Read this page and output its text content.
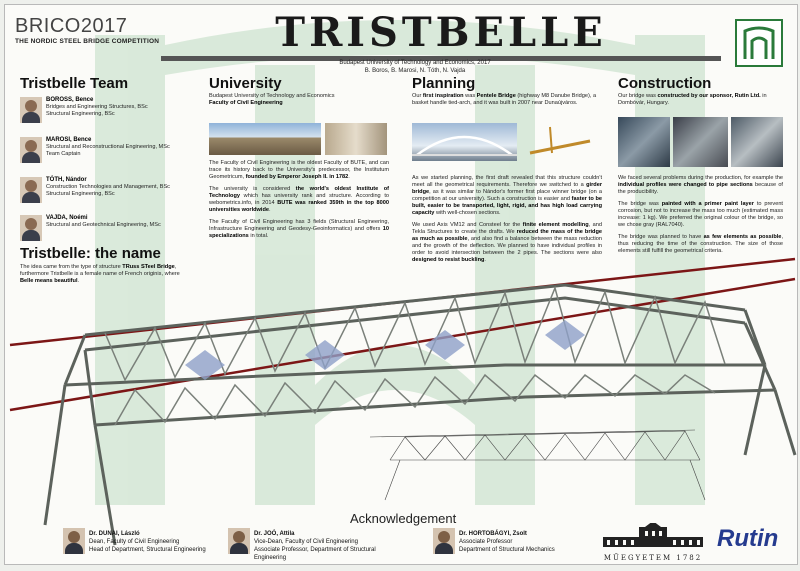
BRICO2017
THE NORDIC STEEL BRIDGE COMPETITION	TRISTBELLE
Budapest University of Technology and Economics, 2017
B. Boros, B. Marosi, N. Tóth, N. Vajda
Tristbelle Team
BOROSS, Bence
Bridges and Engineering Structures, BSc
Structural Engineering, BSc
MAROSI, Bence
Structural and Reconstructional Engineering, MSc
Team Captain
TÓTH, Nándor
Construction Technologies and Management, BSc
Structural Engineering, BSc
VAJDA, Noémi
Structural and Geotechnical Engineering, MSc
Tristbelle: the name
The idea came from the type of structure TRuss STeel Bridge, furthermore Tristbelle is a female name of French originis, where Belle means beautiful.
University
Budapest University of Technology and Economics
Faculty of Civil Engineering
The Faculty of Civil Engineering is the oldest Faculty of BUTE, and can trace its history back to the University's predecessor, the Institutum Geometricum, founded by Emperor Joseph II. in 1782.
The university is considered the world's oldest Institute of Technology which has university rank and structure. According to webometrics.info, in 2014 BUTE was ranked 359th in the top 8000 universities worldwide.
The Faculty of Civil Engineering has 3 fields (Structural Engineering, Infrastructure Engineering and Geodesy-Geoinformatics) and offers 10 specializations in total.
Planning
Our first inspiration was Pentele Bridge (highway M8 Danube Bridge), a basket handle tied-arch, and it was built in 2007 near Dunaújváros.
As we started planning, the first draft revealed that this structure couldn't meet all the geometrical requirements. Therefore we switched to a girder bridge, as it was similar to Nándor's former first place winner bridge (on a competition at our university). Such a construction is easier and faster to be built, easier to be transported, light, rigid, and has high load carrying capacity with well-chosen sections.
We used Axis VM12 and Consteel for the finite element modelling, and Tekla Structures to create the drafts. We reduced the mass of the bridge as much as possible, and also find a balance between the mass reduction and the growth of the deflection. We planned to have individual profiles in order to avoid intersection between the 2 pipes. The sections were also designed to resist buckling.
Construction
Our bridge was constructed by our sponsor, Rutin Ltd. in Dombóvár, Hungary.
We faced several problems during the production, for example the individual profiles were changed to pipe sections because of the producibility.
The bridge was painted with a primer paint layer to prevent corrosion, but not to increase the mass too much (estimated mass increase: 1 kg). We preferred the original colour of the bridge, so we chose gray (RAL7040).
The bridge was planned to have as few elements as possible, thus reducing the time of the construction. The size of those elements still fulfill the geometrical criteria.
Acknowledgement
Dr. DUNAI, László
Dean, Faculty of Civil Engineering
Head of Department, Structural Engineering
Dr. JOÓ, Attila
Vice-Dean, Faculty of Civil Engineering
Associate Professor, Department of Structural Engineering
Dr. HORTOBÁGYI, Zsolt
Associate Professor
Department of Structural Mechanics
MŰEGYETEM 1782
Rutin
